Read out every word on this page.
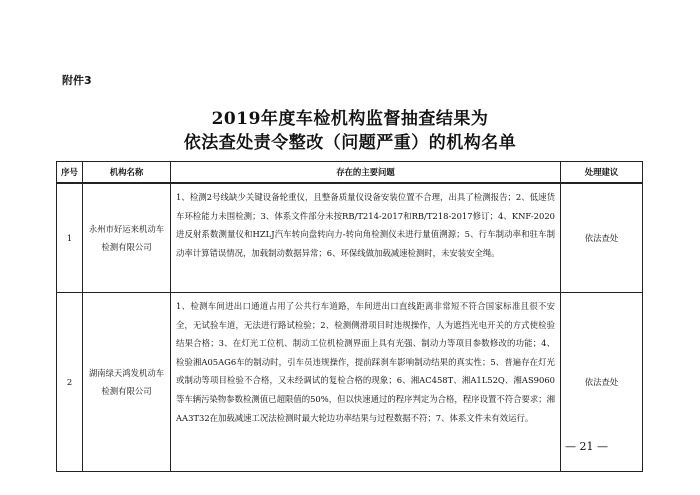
附件3
2019年度车检机构监督抽查结果为
依法查处责令整改（问题严重）的机构名单
序号	机构名称	存在的主要问题	处理建议
1	永州市好运来机动车检测有限公司	1、检测2号线缺少关键设备轮重仪，且整备质量仪设备安装位置不合理，出具了检测报告；2、低速货车环检能力未围检测；3、体系文件部分未按RB/T214-2017和RB/T218-2017修订；4、KNF-2020进反射系数测量仪和HZLJ汽车转向盘转向力-转向角检测仪未进行量值溯源；5、行车制动率和驻车制动率计算错误情况，加载制动数据异常；6、环保线做加载减速检测时，未安装安全绳。	依法查处
2	湖南绿天鸿发机动车检测有限公司	1、检测车间进出口通道占用了公共行车道路，车间进出口直线距离非常短不符合国家标准且很不安全，无试验车道，无法进行路试检验；2、检测侧滑项目时违规操作，人为遮挡光电开关的方式使检验结果合格；3、在灯光工位机、制动工位机检测界面上具有光强、制动力等项目参数修改的功能；4、检验湘A05AG6车的制动时，引车员违规操作，提前踩刹车影响制动结果的真实性；5、普遍存在灯光或制动等项目检验不合格，又未经调试的复检合格的现象；6、湘AC458T、湘A1L52Q、湘AS9060等车辆污染物参数检测值已超限值的50%，但以快速通过的程序判定为合格，程序设置不符合要求；湘AA3T32在加载减速工况法检测时最大轮边功率结果与过程数据不符；7、体系文件未有效运行。	依法查处
— 21 —
